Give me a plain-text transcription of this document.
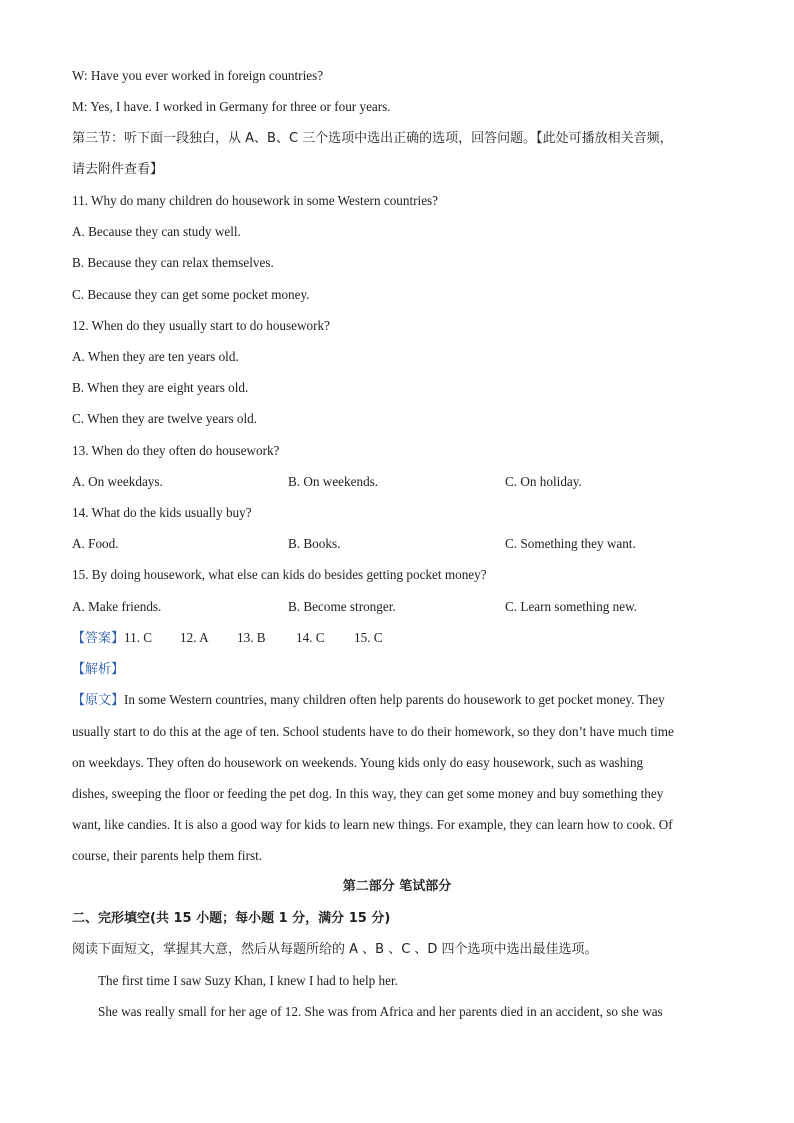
W: Have you ever worked in foreign countries?
M: Yes, I have. I worked in Germany for three or four years.
第三节：听下面一段独白，从 A、B、C 三个选项中选出正确的选项，回答问题。【此处可播放相关音频，
请去附件查看】
11. Why do many children do housework in some Western countries?
A. Because they can study well.
B. Because they can relax themselves.
C. Because they can get some pocket money.
12. When do they usually start to do housework?
A. When they are ten years old.
B. When they are eight years old.
C. When they are twelve years old.
13. When do they often do housework?
A. On weekdays.	B. On weekends.	C. On holiday.
14. What do the kids usually buy?
A. Food.	B. Books.	C. Something they want.
15. By doing housework, what else can kids do besides getting pocket money?
A. Make friends.	B. Become stronger.	C. Learn something new.
【答案】11. C 12. A 13. B 14. C 15. C
【解析】
【原文】In some Western countries, many children often help parents do housework to get pocket money. They
usually start to do this at the age of ten. School students have to do their homework, so they don’t have much time
on weekdays. They often do housework on weekends. Young kids only do easy housework, such as washing
dishes, sweeping the floor or feeding the pet dog. In this way, they can get some money and buy something they
want, like candies. It is also a good way for kids to learn new things. For example, they can learn how to cook. Of
course, their parents help them first.
第二部分 笔试部分
二、完形填空(共 15 小题；每小题 1 分，满分 15 分)
阅读下面短文，掌握其大意，然后从每题所给的 A 、B 、C 、D 四个选项中选出最佳选项。
The first time I saw Suzy Khan, I knew I had to help her.
She was really small for her age of 12. She was from Africa and her parents died in an accident, so she was
